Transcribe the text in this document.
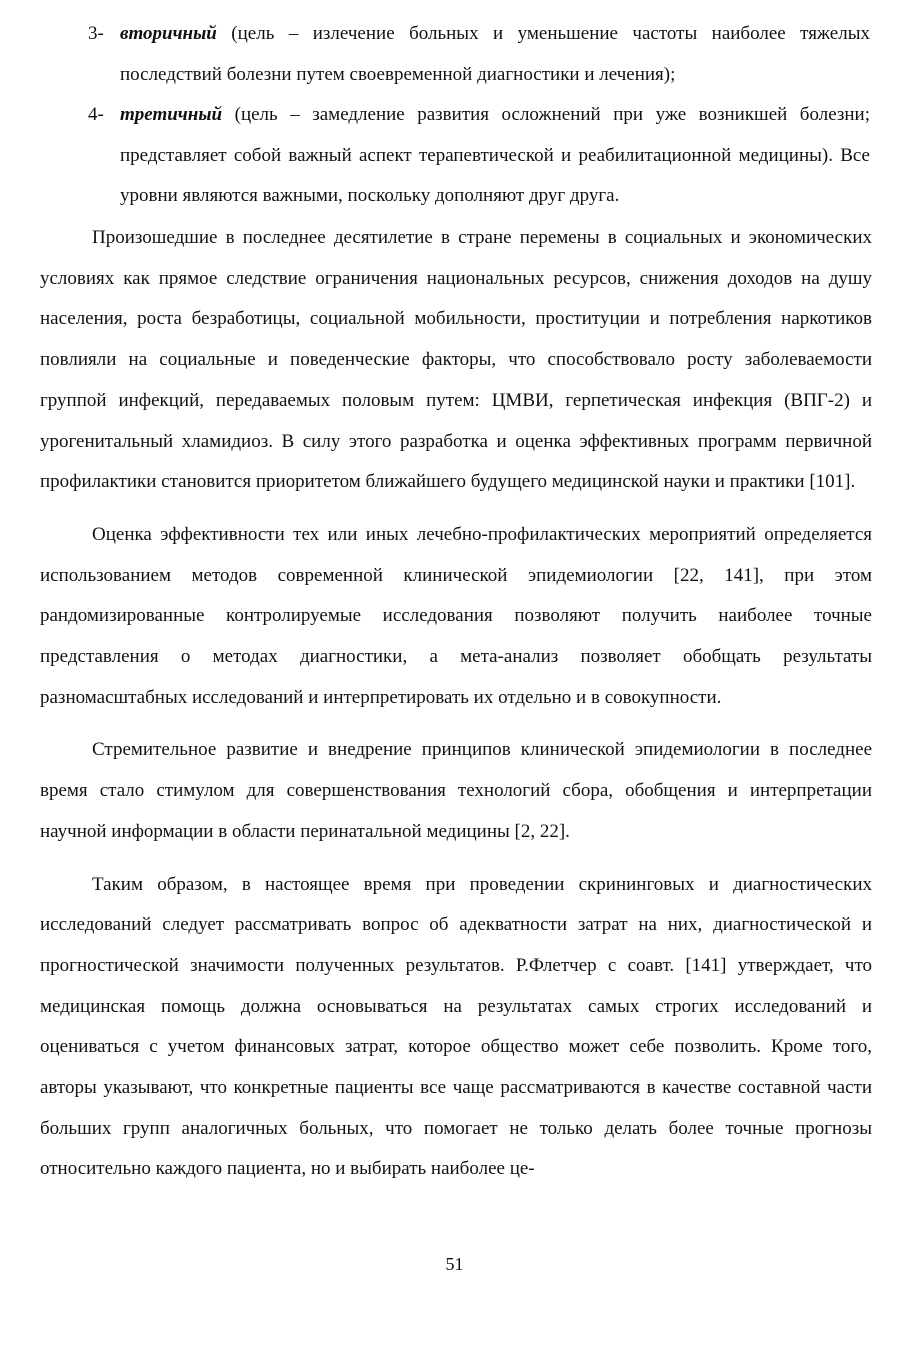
3- вторичный (цель – излечение больных и уменьшение частоты наиболее тяжелых последствий болезни путем своевременной диагностики и лечения);
4- третичный (цель – замедление развития осложнений при уже возникшей болезни; представляет собой важный аспект терапевтической и реабилитационной медицины). Все уровни являются важными, поскольку дополняют друг друга.

Произошедшие в последнее десятилетие в стране перемены в социальных и экономических условиях как прямое следствие ограничения национальных ресурсов, снижения доходов на душу населения, роста безработицы, социальной мобильности, проституции и потребления наркотиков повлияли на социальные и поведенческие факторы, что способствовало росту заболеваемости группой инфекций, передаваемых половым путем: ЦМВИ, герпетическая инфекция (ВПГ-2) и урогенитальный хламидиоз. В силу этого разработка и оценка эффективных программ первичной профилактики становится приоритетом ближайшего будущего медицинской науки и практики [101].

Оценка эффективности тех или иных лечебно-профилактических мероприятий определяется использованием методов современной клинической эпидемиологии [22, 141], при этом рандомизированные контролируемые исследования позволяют получить наиболее точные представления о методах диагностики, а мета-анализ позволяет обобщать результаты разномасштабных исследований и интерпретировать их отдельно и в совокупности.

Стремительное развитие и внедрение принципов клинической эпидемиологии в последнее время стало стимулом для совершенствования технологий сбора, обобщения и интерпретации научной информации в области перинатальной медицины [2, 22].

Таким образом, в настоящее время при проведении скрининговых и диагностических исследований следует рассматривать вопрос об адекватности затрат на них, диагностической и прогностической значимости полученных результатов. Р.Флетчер с соавт. [141] утверждает, что медицинская помощь должна основываться на результатах самых строгих исследований и оцениваться с учетом финансовых затрат, которое общество может себе позволить. Кроме того, авторы указывают, что конкретные пациенты все чаще рассматриваются в качестве составной части больших групп аналогичных больных, что помогает не только делать более точные прогнозы относительно каждого пациента, но и выбирать наиболее це-

51
